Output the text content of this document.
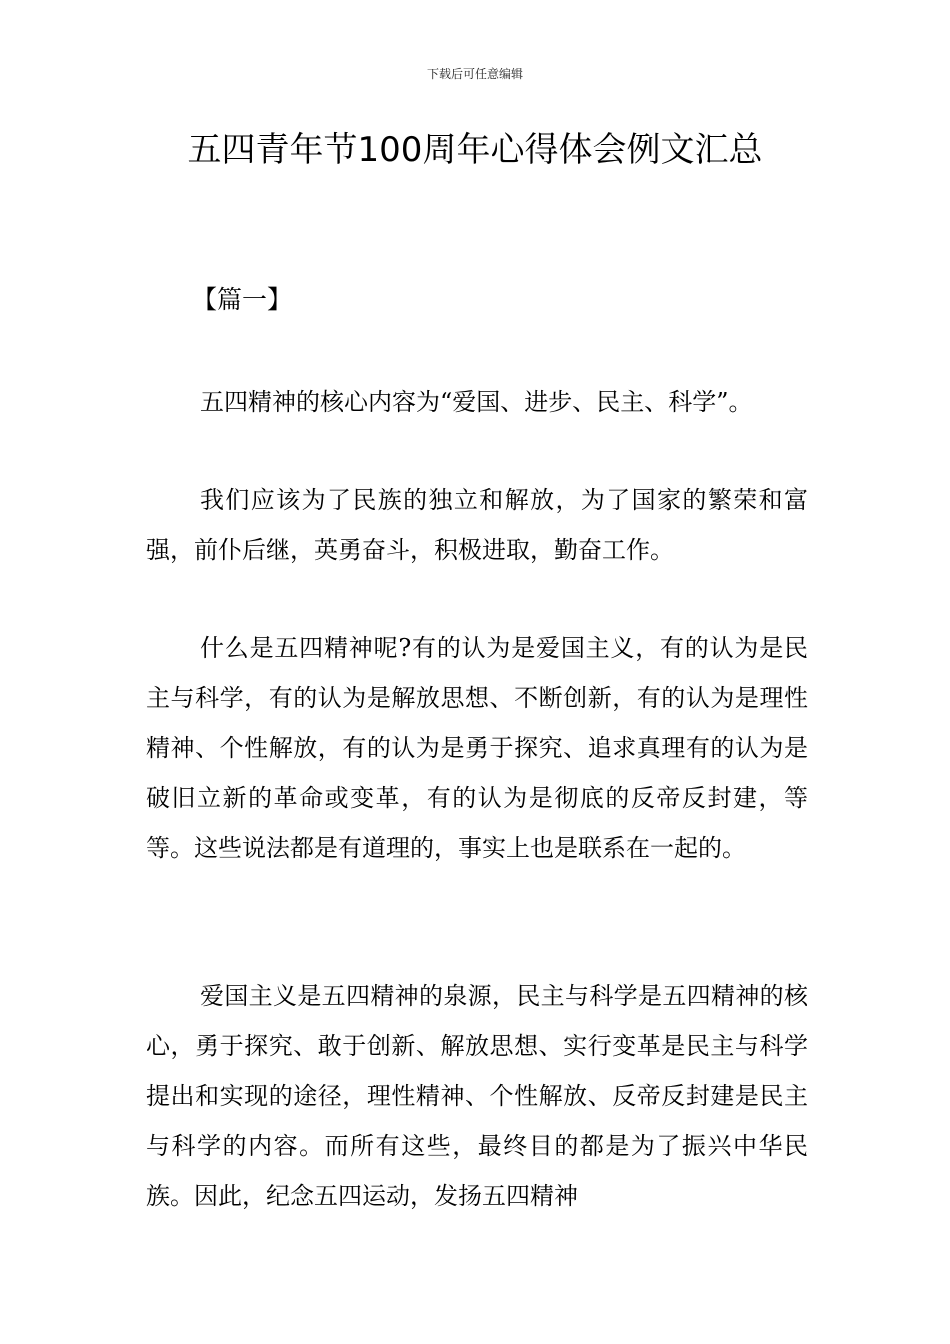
下载后可任意编辑
五四青年节100周年心得体会例文汇总
【篇一】

五四精神的核心内容为“爱国、进步、民主、科学”。

我们应该为了民族的独立和解放，为了国家的繁荣和富强，前仆后继，英勇奋斗，积极进取，勤奋工作。

什么是五四精神呢?有的认为是爱国主义，有的认为是民主与科学，有的认为是解放思想、不断创新，有的认为是理性精神、个性解放，有的认为是勇于探究、追求真理有的认为是破旧立新的革命或变革，有的认为是彻底的反帝反封建，等等。这些说法都是有道理的，事实上也是联系在一起的。

爱国主义是五四精神的泉源，民主与科学是五四精神的核心，勇于探究、敢于创新、解放思想、实行变革是民主与科学提出和实现的途径，理性精神、个性解放、反帝反封建是民主与科学的内容。而所有这些，最终目的都是为了振兴中华民族。因此，纪念五四运动，发扬五四精神
